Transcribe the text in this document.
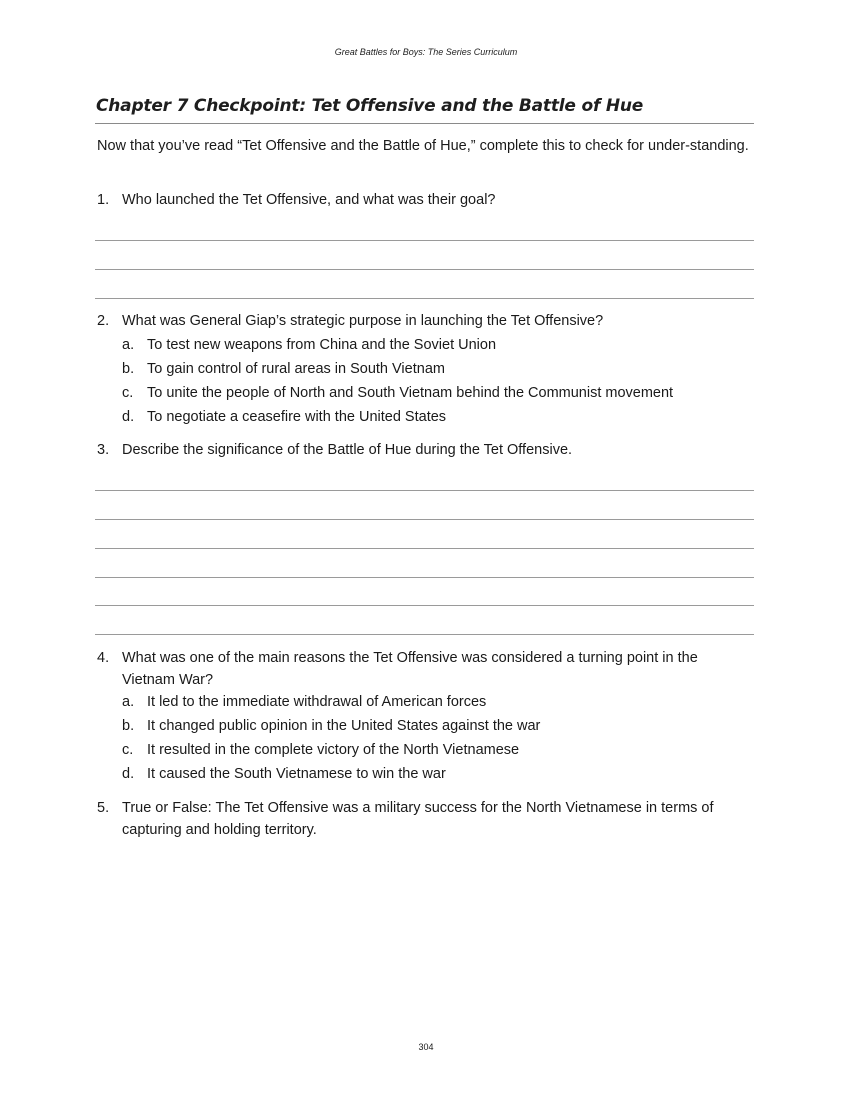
Great Battles for Boys: The Series Curriculum
Chapter 7 Checkpoint: Tet Offensive and the Battle of Hue

Now that you’ve read “Tet Offensive and the Battle of Hue,” complete this to check for under-standing.

1. Who launched the Tet Offensive, and what was their goal?
2. What was General Giap’s strategic purpose in launching the Tet Offensive?
a. To test new weapons from China and the Soviet Union
b. To gain control of rural areas in South Vietnam
c. To unite the people of North and South Vietnam behind the Communist movement
d. To negotiate a ceasefire with the United States
3. Describe the significance of the Battle of Hue during the Tet Offensive.
4. What was one of the main reasons the Tet Offensive was considered a turning point in the Vietnam War?
a. It led to the immediate withdrawal of American forces
b. It changed public opinion in the United States against the war
c. It resulted in the complete victory of the North Vietnamese
d. It caused the South Vietnamese to win the war
5. True or False: The Tet Offensive was a military success for the North Vietnamese in terms of capturing and holding territory.
304
